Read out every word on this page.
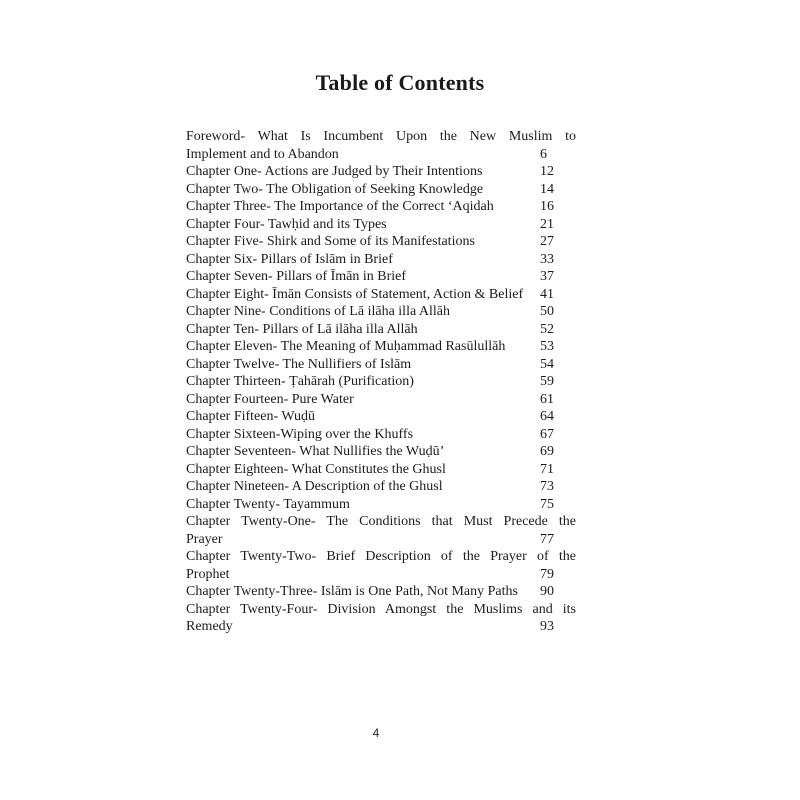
Table of Contents
Foreword- What Is Incumbent Upon the New Muslim to
Implement and to Abandon	6
Chapter One- Actions are Judged by Their Intentions	12
Chapter Two- The Obligation of Seeking Knowledge	14
Chapter Three- The Importance of the Correct ‘Aqidah	16
Chapter Four- Tawḥid and its Types	21
Chapter Five- Shirk and Some of its Manifestations	27
Chapter Six- Pillars of Islām in Brief	33
Chapter Seven- Pillars of Īmān in Brief	37
Chapter Eight- Īmān Consists of Statement, Action & Belief	41
Chapter Nine- Conditions of Lā ilāha illa Allāh	50
Chapter Ten- Pillars of Lā ilāha illa Allāh	52
Chapter Eleven- The Meaning of Muḥammad Rasūlullāh	53
Chapter Twelve- The Nullifiers of Islām	54
Chapter Thirteen- Ṭahārah (Purification)	59
Chapter Fourteen- Pure Water	61
Chapter Fifteen- Wuḍū	64
Chapter Sixteen-Wiping over the Khuffs	67
Chapter Seventeen- What Nullifies the Wuḍū’	69
Chapter Eighteen- What Constitutes the Ghusl	71
Chapter Nineteen- A Description of the Ghusl	73
Chapter Twenty- Tayammum	75
Chapter Twenty-One- The Conditions that Must Precede the
Prayer	77
Chapter Twenty-Two- Brief Description of the Prayer of the
Prophet	79
Chapter Twenty-Three- Islām is One Path, Not Many Paths	90
Chapter Twenty-Four- Division Amongst the Muslims and its
Remedy	93
4
